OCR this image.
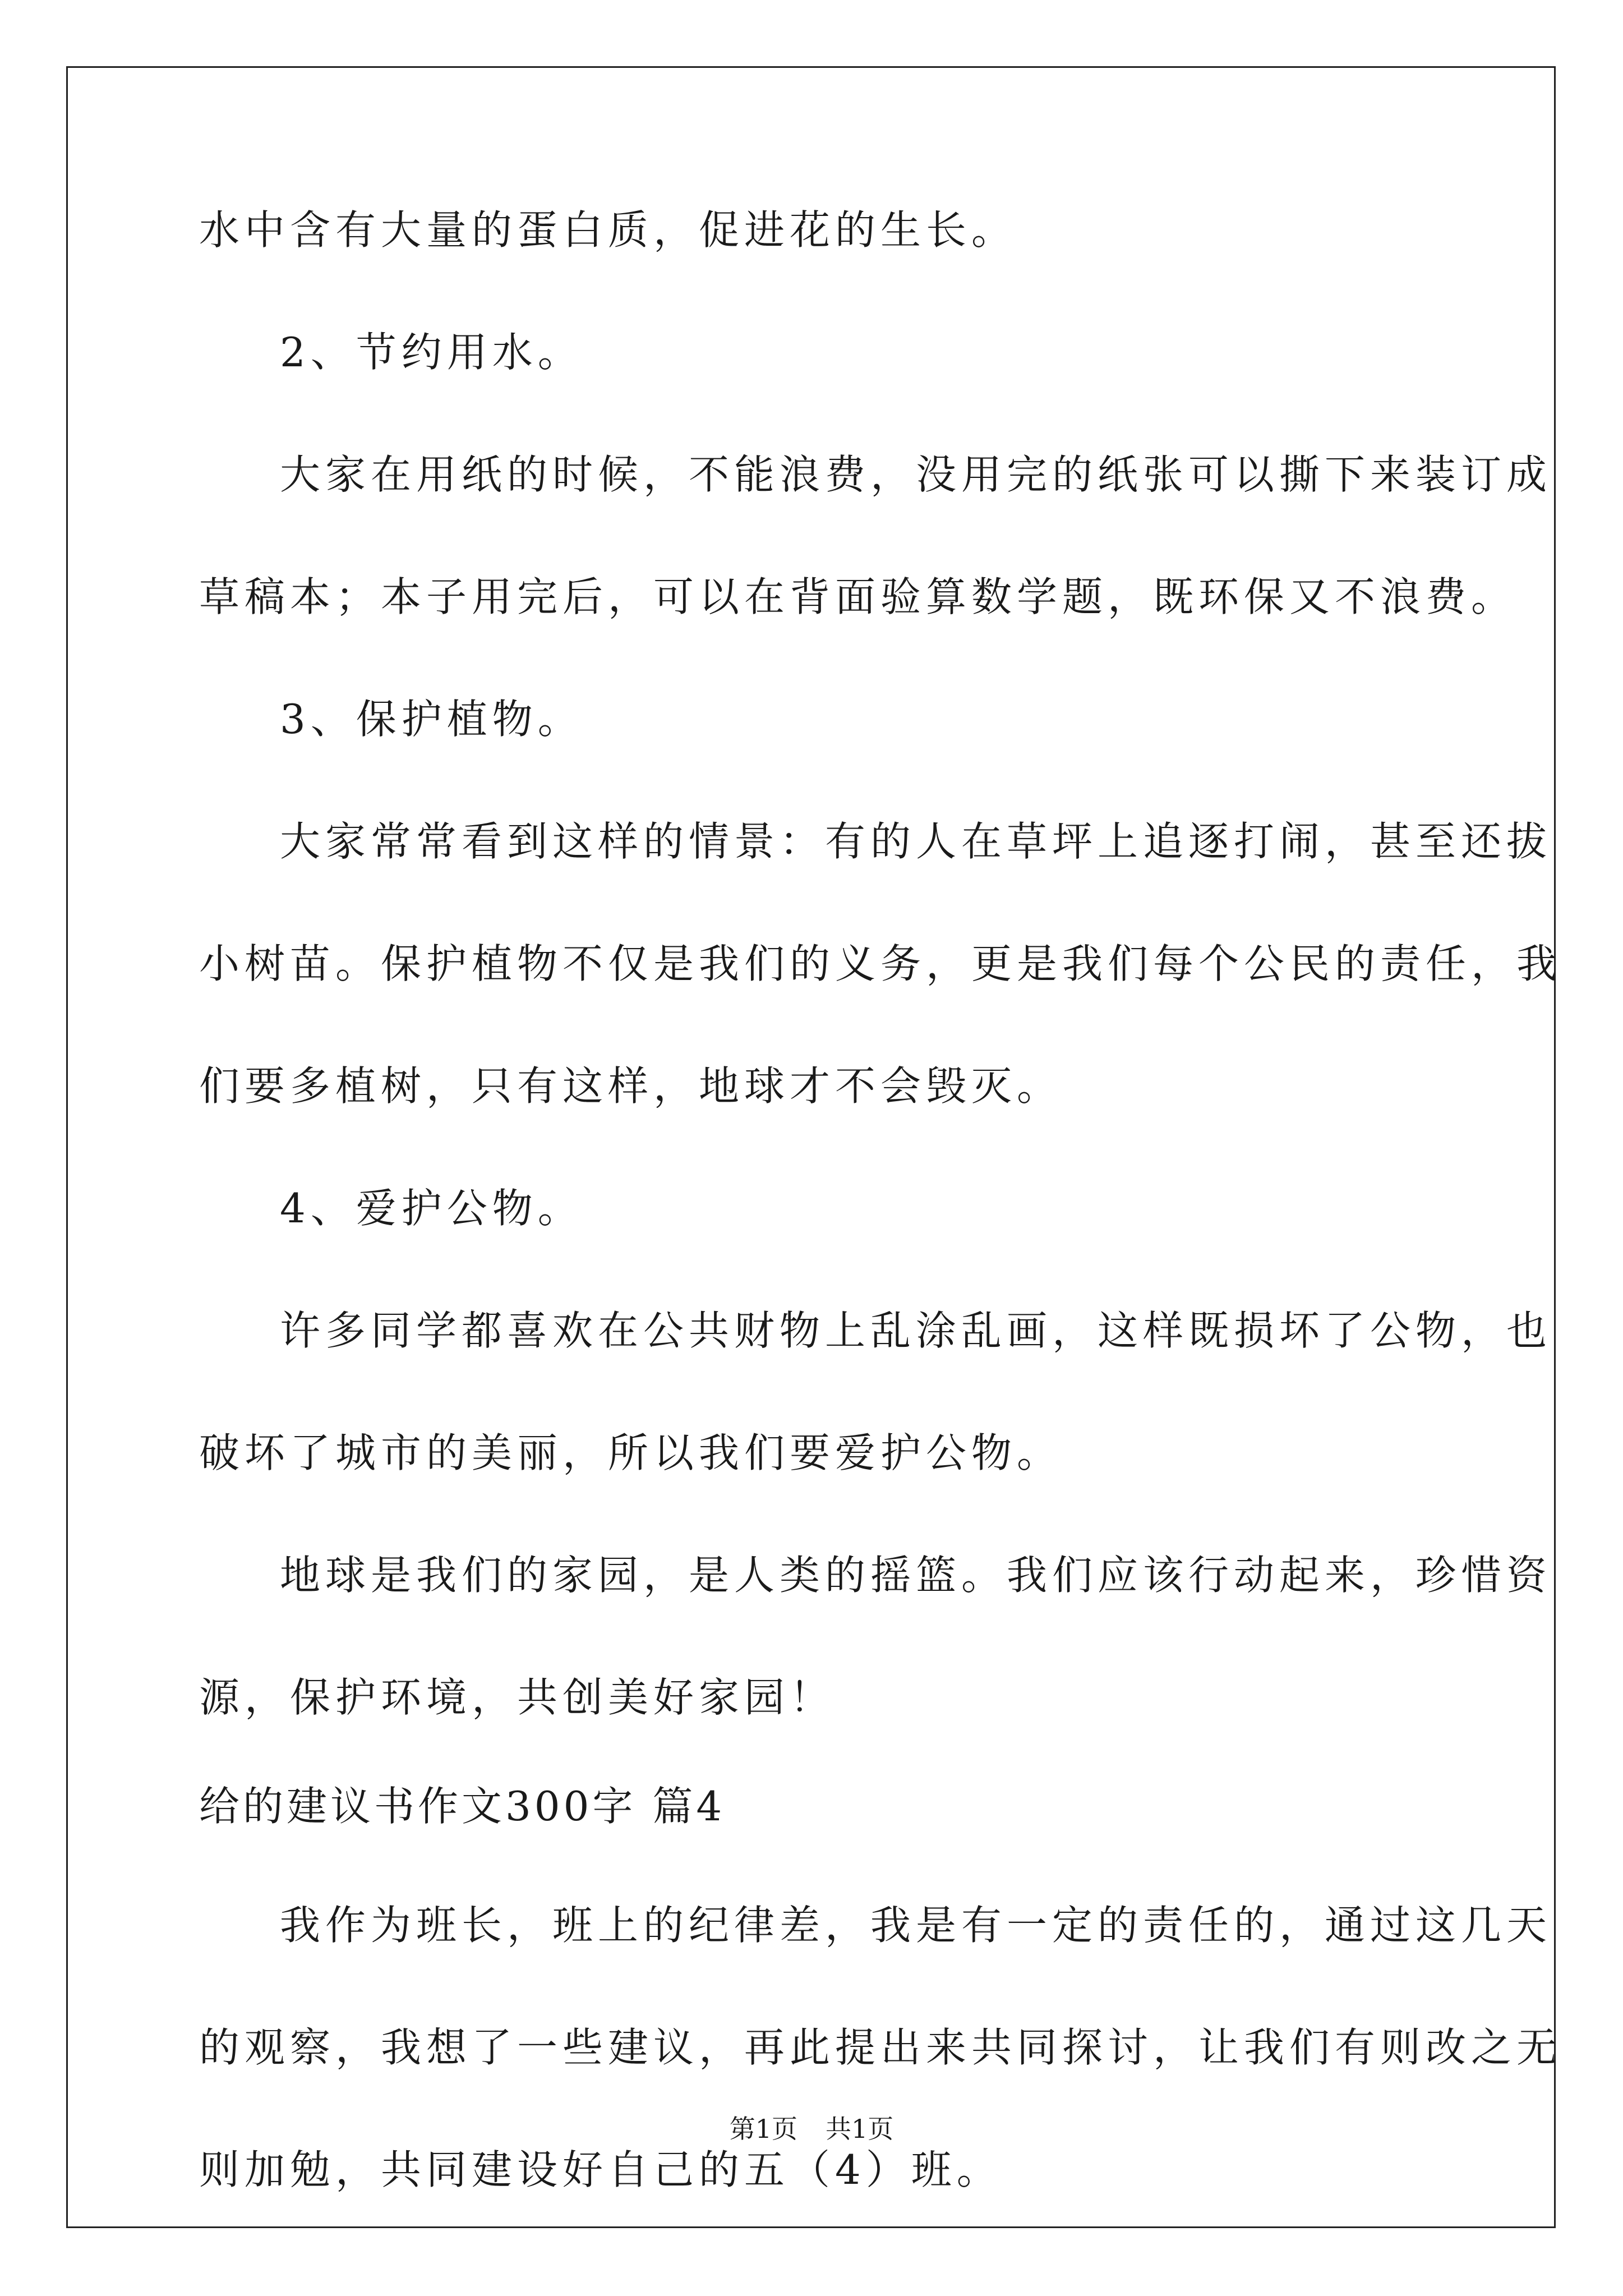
水中含有大量的蛋白质，促进花的生长。
2、节约用水。
大家在用纸的时候，不能浪费，没用完的纸张可以撕下来装订成
草稿本；本子用完后，可以在背面验算数学题，既环保又不浪费。
3、保护植物。
大家常常看到这样的情景：有的人在草坪上追逐打闹，甚至还拔
小树苗。保护植物不仅是我们的义务，更是我们每个公民的责任，我
们要多植树，只有这样，地球才不会毁灭。
4、爱护公物。
许多同学都喜欢在公共财物上乱涂乱画，这样既损坏了公物，也
破坏了城市的美丽，所以我们要爱护公物。
地球是我们的家园，是人类的摇篮。我们应该行动起来，珍惜资
源，保护环境，共创美好家园！
给的建议书作文300字 篇4
我作为班长，班上的纪律差，我是有一定的责任的，通过这几天
的观察，我想了一些建议，再此提出来共同探讨，让我们有则改之无
则加勉，共同建设好自己的五（4）班。
第1页 共1页
